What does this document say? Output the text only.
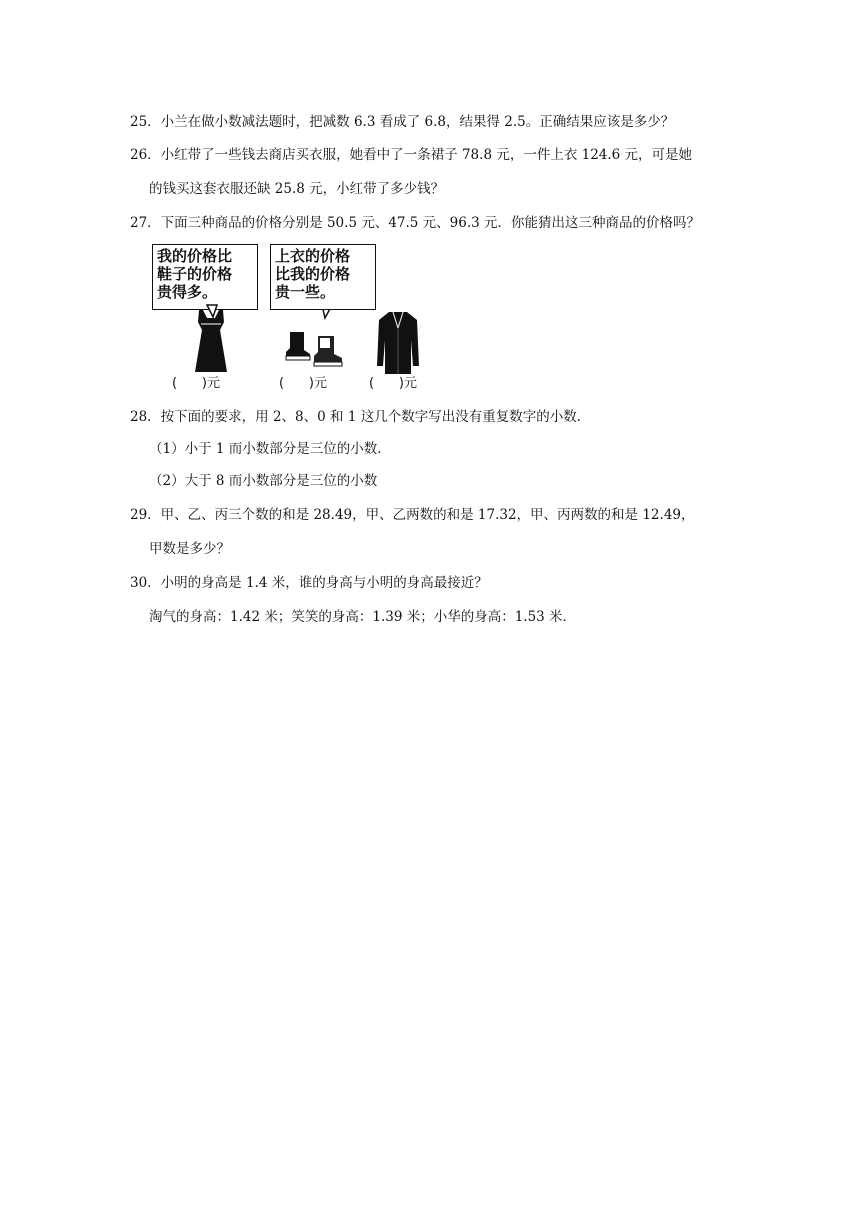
25．小兰在做小数减法题时，把减数 6.3 看成了 6.8，结果得 2.5。正确结果应该是多少？
26．小红带了一些钱去商店买衣服，她看中了一条裙子 78.8 元，一件上衣 124.6 元，可是她
的钱买这套衣服还缺 25.8 元，小红带了多少钱？
27．下面三种商品的价格分别是 50.5 元、47.5 元、96.3 元．你能猜出这三种商品的价格吗？
我的价格比
鞋子的价格
贵得多。
上衣的价格
比我的价格
贵一些。
(      )元	(      )元	(      )元
28．按下面的要求，用 2、8、0 和 1 这几个数字写出没有重复数字的小数．
（1）小于 1 而小数部分是三位的小数．
（2）大于 8 而小数部分是三位的小数
29．甲、乙、丙三个数的和是 28.49，甲、乙两数的和是 17.32，甲、丙两数的和是 12.49，
甲数是多少？
30．小明的身高是 1.4 米，谁的身高与小明的身高最接近？
淘气的身高：1.42 米；笑笑的身高：1.39 米；小华的身高：1.53 米．
